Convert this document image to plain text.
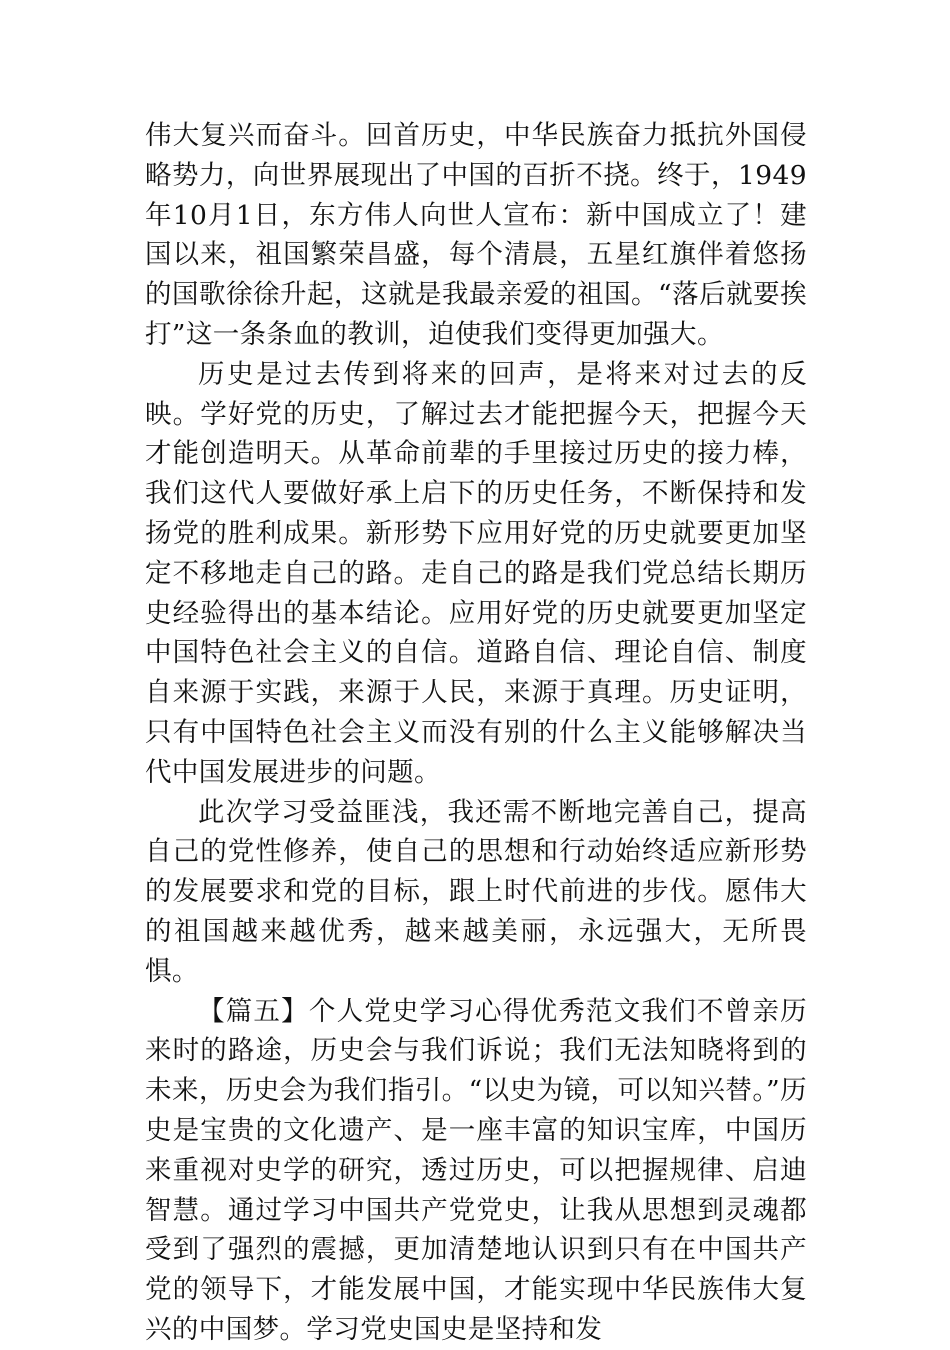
伟大复兴而奋斗。回首历史，中华民族奋力抵抗外国侵略势力，向世界展现出了中国的百折不挠。终于，1949年10月1日，东方伟人向世人宣布：新中国成立了！建国以来，祖国繁荣昌盛，每个清晨，五星红旗伴着悠扬的国歌徐徐升起，这就是我最亲爱的祖国。“落后就要挨打”这一条条血的教训，迫使我们变得更加强大。

历史是过去传到将来的回声，是将来对过去的反映。学好党的历史，了解过去才能把握今天，把握今天才能创造明天。从革命前辈的手里接过历史的接力棒，我们这代人要做好承上启下的历史任务，不断保持和发扬党的胜利成果。新形势下应用好党的历史就要更加坚定不移地走自己的路。走自己的路是我们党总结长期历史经验得出的基本结论。应用好党的历史就要更加坚定中国特色社会主义的自信。道路自信、理论自信、制度自来源于实践，来源于人民，来源于真理。历史证明，只有中国特色社会主义而没有别的什么主义能够解决当代中国发展进步的问题。

此次学习受益匪浅，我还需不断地完善自己，提高自己的党性修养，使自己的思想和行动始终适应新形势的发展要求和党的目标，跟上时代前进的步伐。愿伟大的祖国越来越优秀，越来越美丽，永远强大，无所畏惧。

【篇五】个人党史学习心得优秀范文我们不曾亲历来时的路途，历史会与我们诉说；我们无法知晓将到的未来，历史会为我们指引。“以史为镜，可以知兴替。”历史是宝贵的文化遗产、是一座丰富的知识宝库，中国历来重视对史学的研究，透过历史，可以把握规律、启迪智慧。通过学习中国共产党党史，让我从思想到灵魂都受到了强烈的震撼，更加清楚地认识到只有在中国共产党的领导下，才能发展中国，才能实现中华民族伟大复兴的中国梦。学习党史国史是坚持和发
